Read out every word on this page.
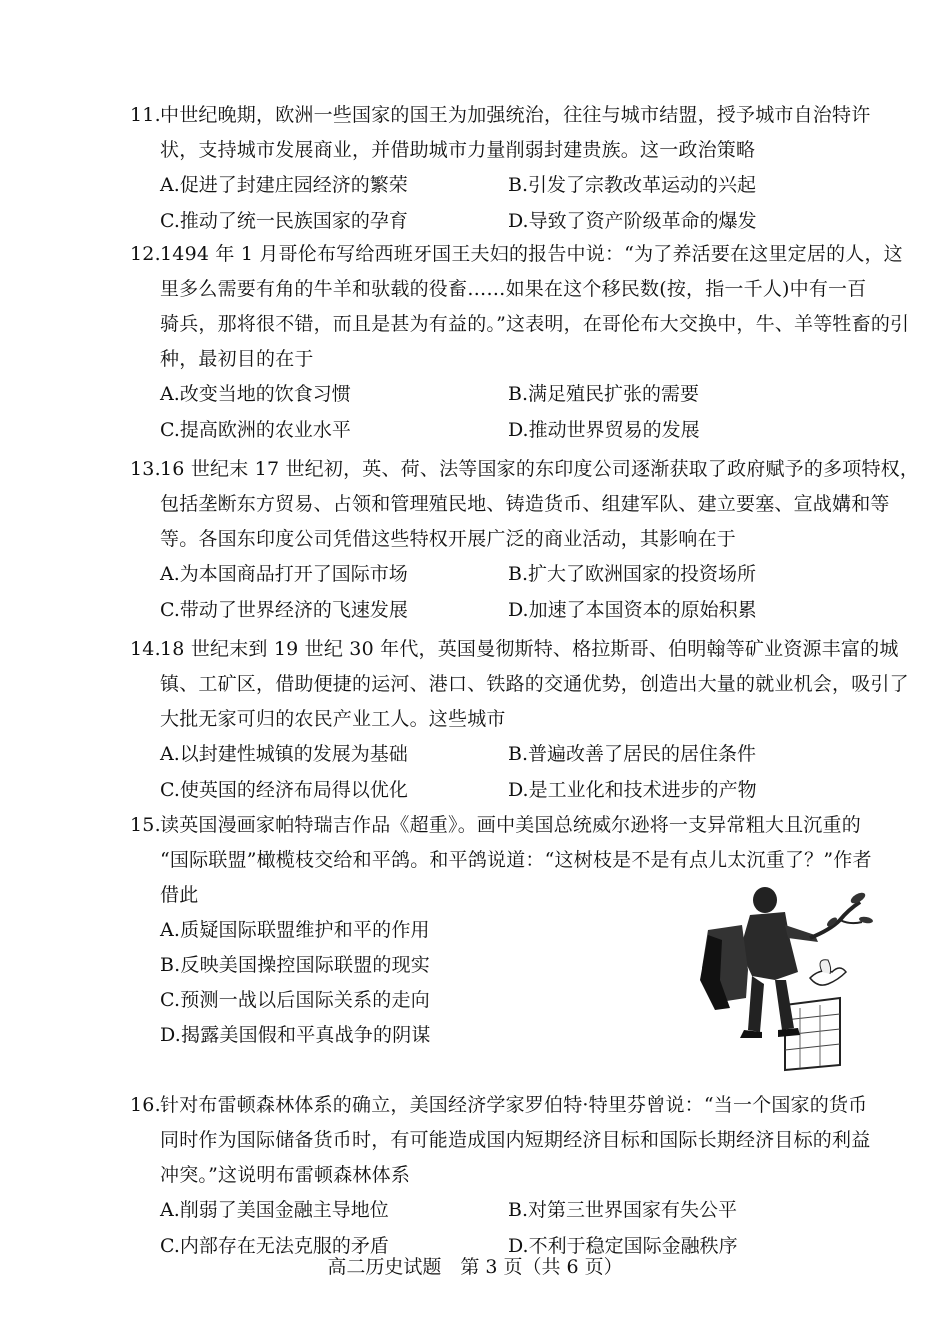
11. 中世纪晚期，欧洲一些国家的国王为加强统治，往往与城市结盟，授予城市自治特许
状，支持城市发展商业，并借助城市力量削弱封建贵族。这一政治策略
A.促进了封建庄园经济的繁荣	B.引发了宗教改革运动的兴起
C.推动了统一民族国家的孕育	D.导致了资产阶级革命的爆发
12. 1494 年 1 月哥伦布写给西班牙国王夫妇的报告中说：“为了养活要在这里定居的人，这
里多么需要有角的牛羊和驮载的役畜……如果在这个移民数(按，指一千人)中有一百
骑兵，那将很不错，而且是甚为有益的。”这表明，在哥伦布大交换中，牛、羊等牲畜的引
种，最初目的在于
A.改变当地的饮食习惯	B.满足殖民扩张的需要
C.提高欧洲的农业水平	D.推动世界贸易的发展
13. 16 世纪末 17 世纪初，英、荷、法等国家的东印度公司逐渐获取了政府赋予的多项特权，
包括垄断东方贸易、占领和管理殖民地、铸造货币、组建军队、建立要塞、宣战媾和等
等。各国东印度公司凭借这些特权开展广泛的商业活动，其影响在于
A.为本国商品打开了国际市场	B.扩大了欧洲国家的投资场所
C.带动了世界经济的飞速发展	D.加速了本国资本的原始积累
14. 18 世纪末到 19 世纪 30 年代，英国曼彻斯特、格拉斯哥、伯明翰等矿业资源丰富的城
镇、工矿区，借助便捷的运河、港口、铁路的交通优势，创造出大量的就业机会，吸引了
大批无家可归的农民产业工人。这些城市
A.以封建性城镇的发展为基础	B.普遍改善了居民的居住条件
C.使英国的经济布局得以优化	D.是工业化和技术进步的产物
15. 读英国漫画家帕特瑞吉作品《超重》。画中美国总统威尔逊将一支异常粗大且沉重的
“国际联盟”橄榄枝交给和平鸽。和平鸽说道：“这树枝是不是有点儿太沉重了？”作者
借此
A.质疑国际联盟维护和平的作用
B.反映美国操控国际联盟的现实
C.预测一战以后国际关系的走向
D.揭露美国假和平真战争的阴谋
16. 针对布雷顿森林体系的确立，美国经济学家罗伯特·特里芬曾说：“当一个国家的货币
同时作为国际储备货币时，有可能造成国内短期经济目标和国际长期经济目标的利益
冲突。”这说明布雷顿森林体系
A.削弱了美国金融主导地位	B.对第三世界国家有失公平
C.内部存在无法克服的矛盾	D.不利于稳定国际金融秩序
高二历史试题　第 3 页（共 6 页）
